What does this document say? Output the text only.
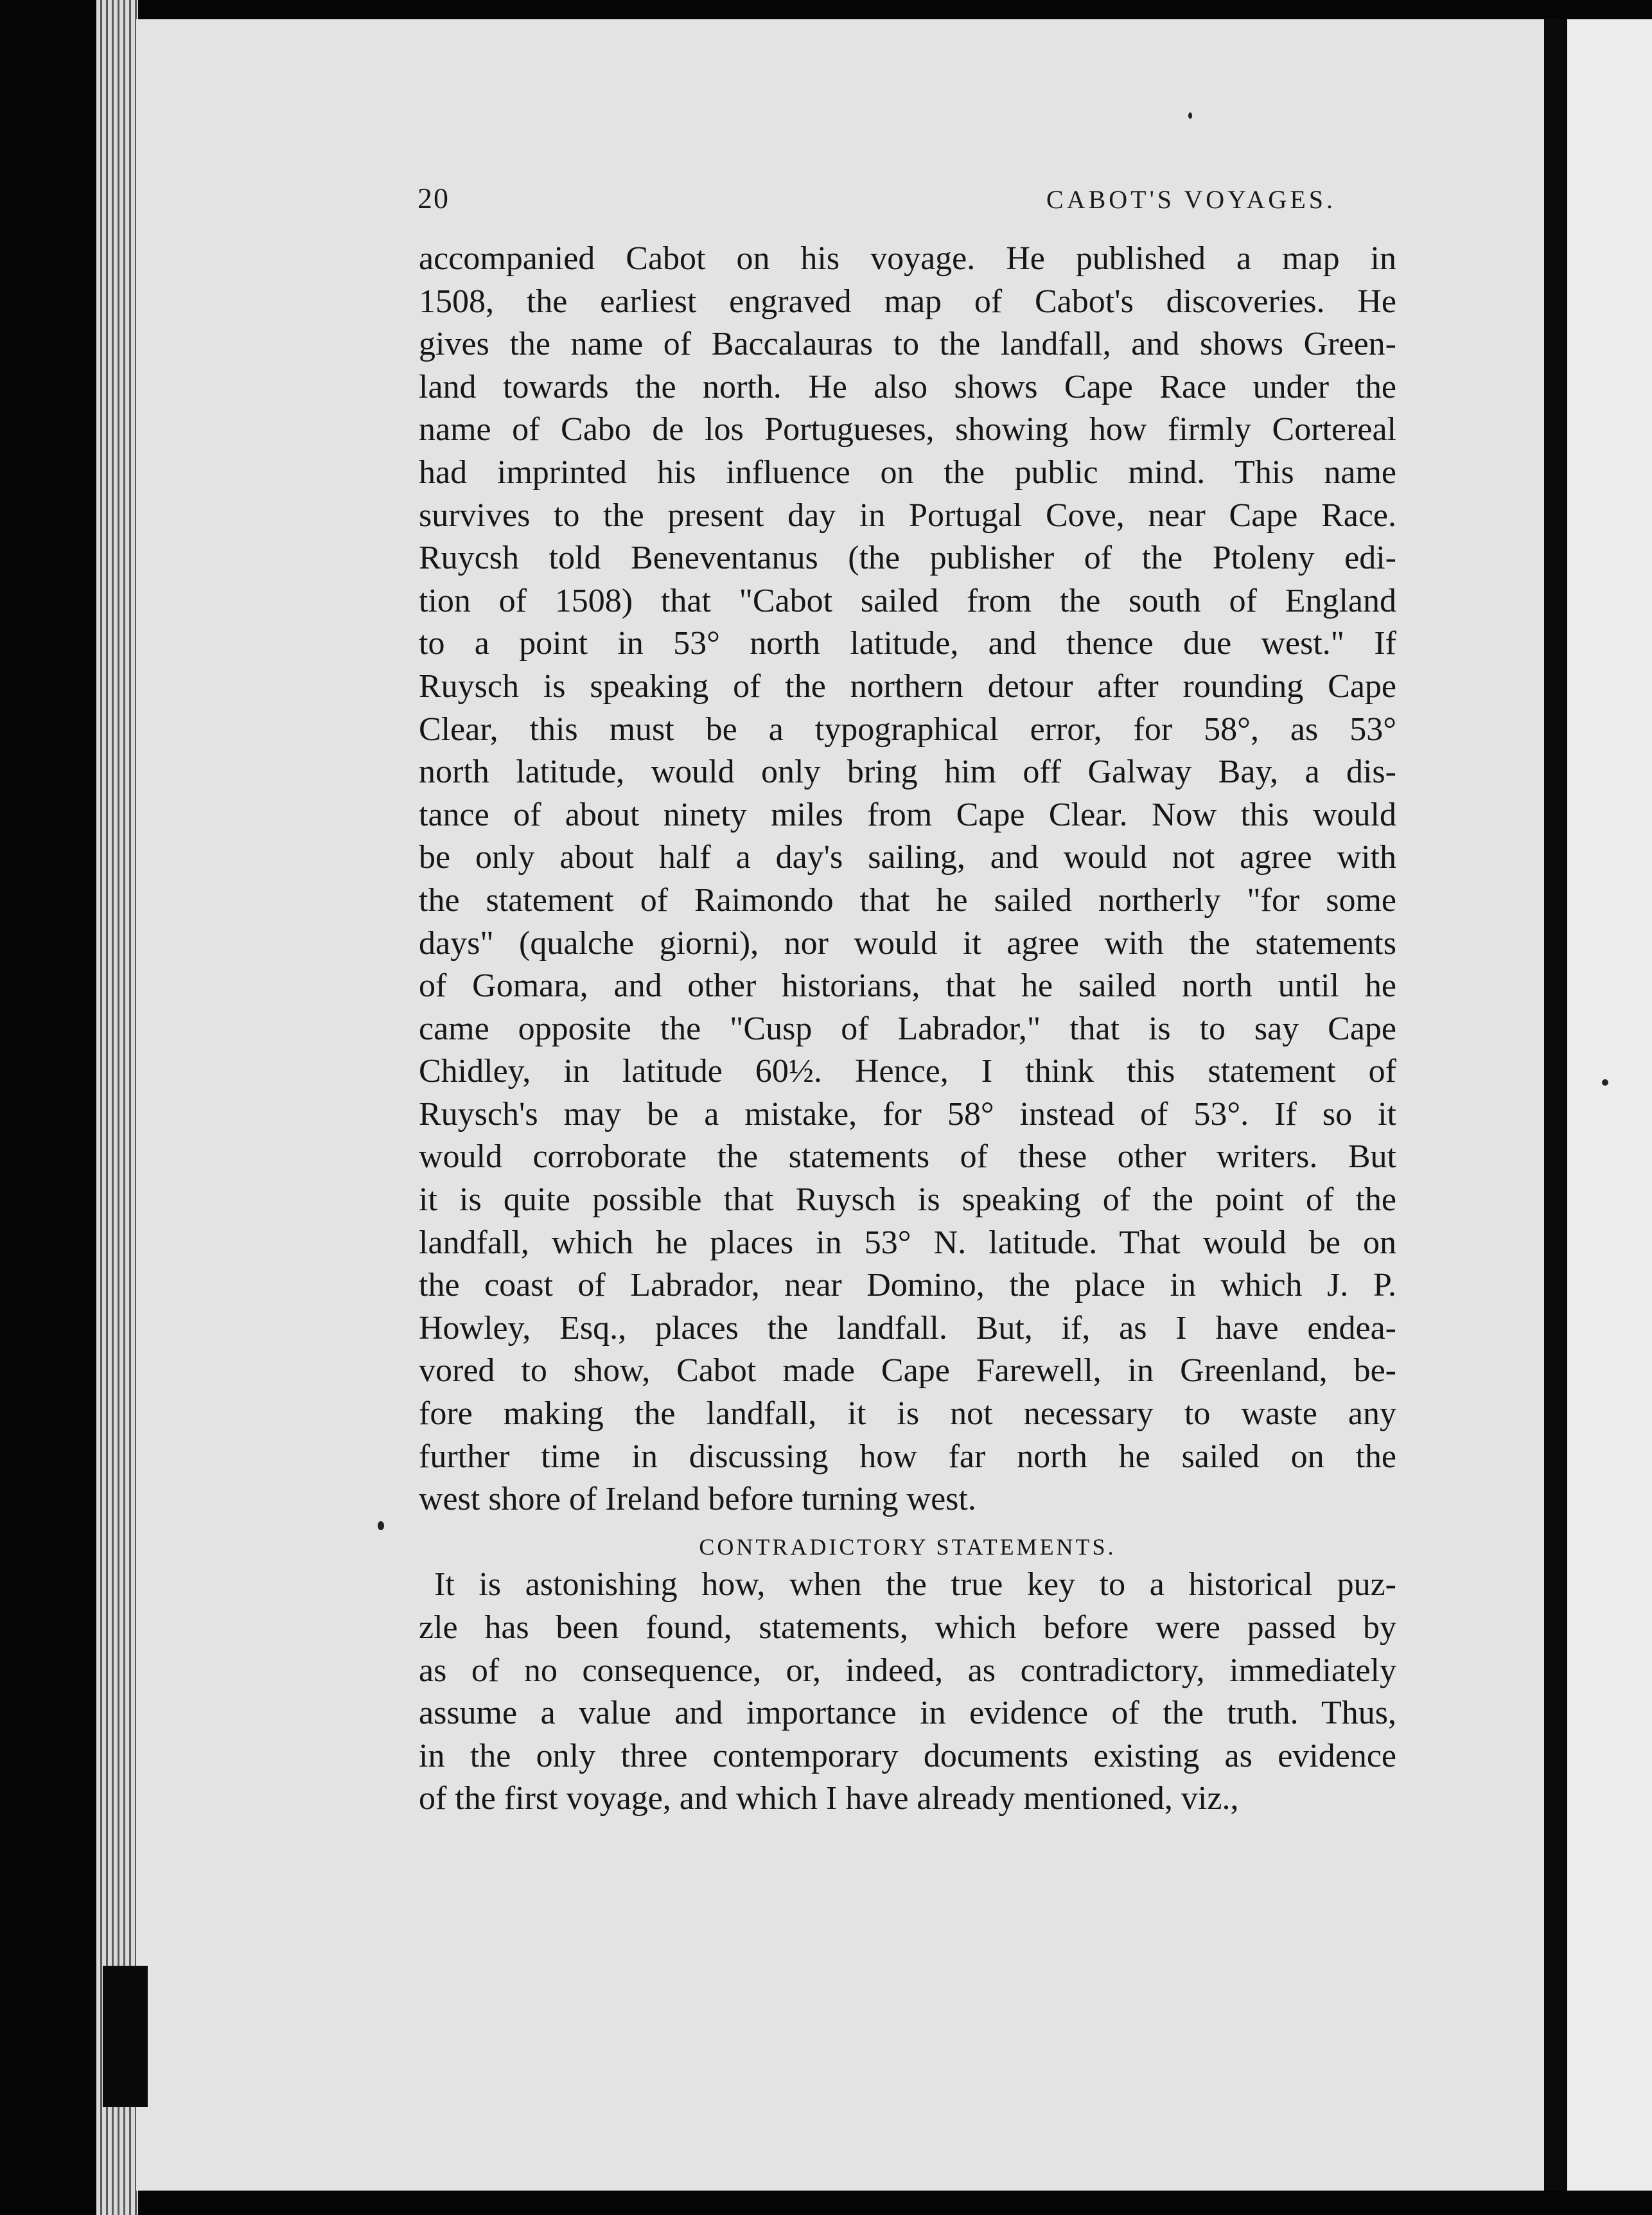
20	CABOT'S VOYAGES.
accompanied Cabot on his voyage. He published a map in
1508, the earliest engraved map of Cabot's discoveries. He
gives the name of Baccalauras to the landfall, and shows Green-
land towards the north. He also shows Cape Race under the
name of Cabo de los Portugueses, showing how firmly Cortereal
had imprinted his influence on the public mind. This name
survives to the present day in Portugal Cove, near Cape Race.
Ruycsh told Beneventanus (the publisher of the Ptoleny edi-
tion of 1508) that "Cabot sailed from the south of England
to a point in 53° north latitude, and thence due west." If
Ruysch is speaking of the northern detour after rounding Cape
Clear, this must be a typographical error, for 58°, as 53°
north latitude, would only bring him off Galway Bay, a dis-
tance of about ninety miles from Cape Clear. Now this would
be only about half a day's sailing, and would not agree with
the statement of Raimondo that he sailed northerly "for some
days" (qualche giorni), nor would it agree with the statements
of Gomara, and other historians, that he sailed north until he
came opposite the "Cusp of Labrador," that is to say Cape
Chidley, in latitude 60½. Hence, I think this statement of
Ruysch's may be a mistake, for 58° instead of 53°. If so it
would corroborate the statements of these other writers. But
it is quite possible that Ruysch is speaking of the point of the
landfall, which he places in 53° N. latitude. That would be on
the coast of Labrador, near Domino, the place in which J. P.
Howley, Esq., places the landfall. But, if, as I have endea-
vored to show, Cabot made Cape Farewell, in Greenland, be-
fore making the landfall, it is not necessary to waste any
further time in discussing how far north he sailed on the
west shore of Ireland before turning west.
CONTRADICTORY STATEMENTS.
It is astonishing how, when the true key to a historical puz-
zle has been found, statements, which before were passed by
as of no consequence, or, indeed, as contradictory, immediately
assume a value and importance in evidence of the truth. Thus,
in the only three contemporary documents existing as evidence
of the first voyage, and which I have already mentioned, viz.,
